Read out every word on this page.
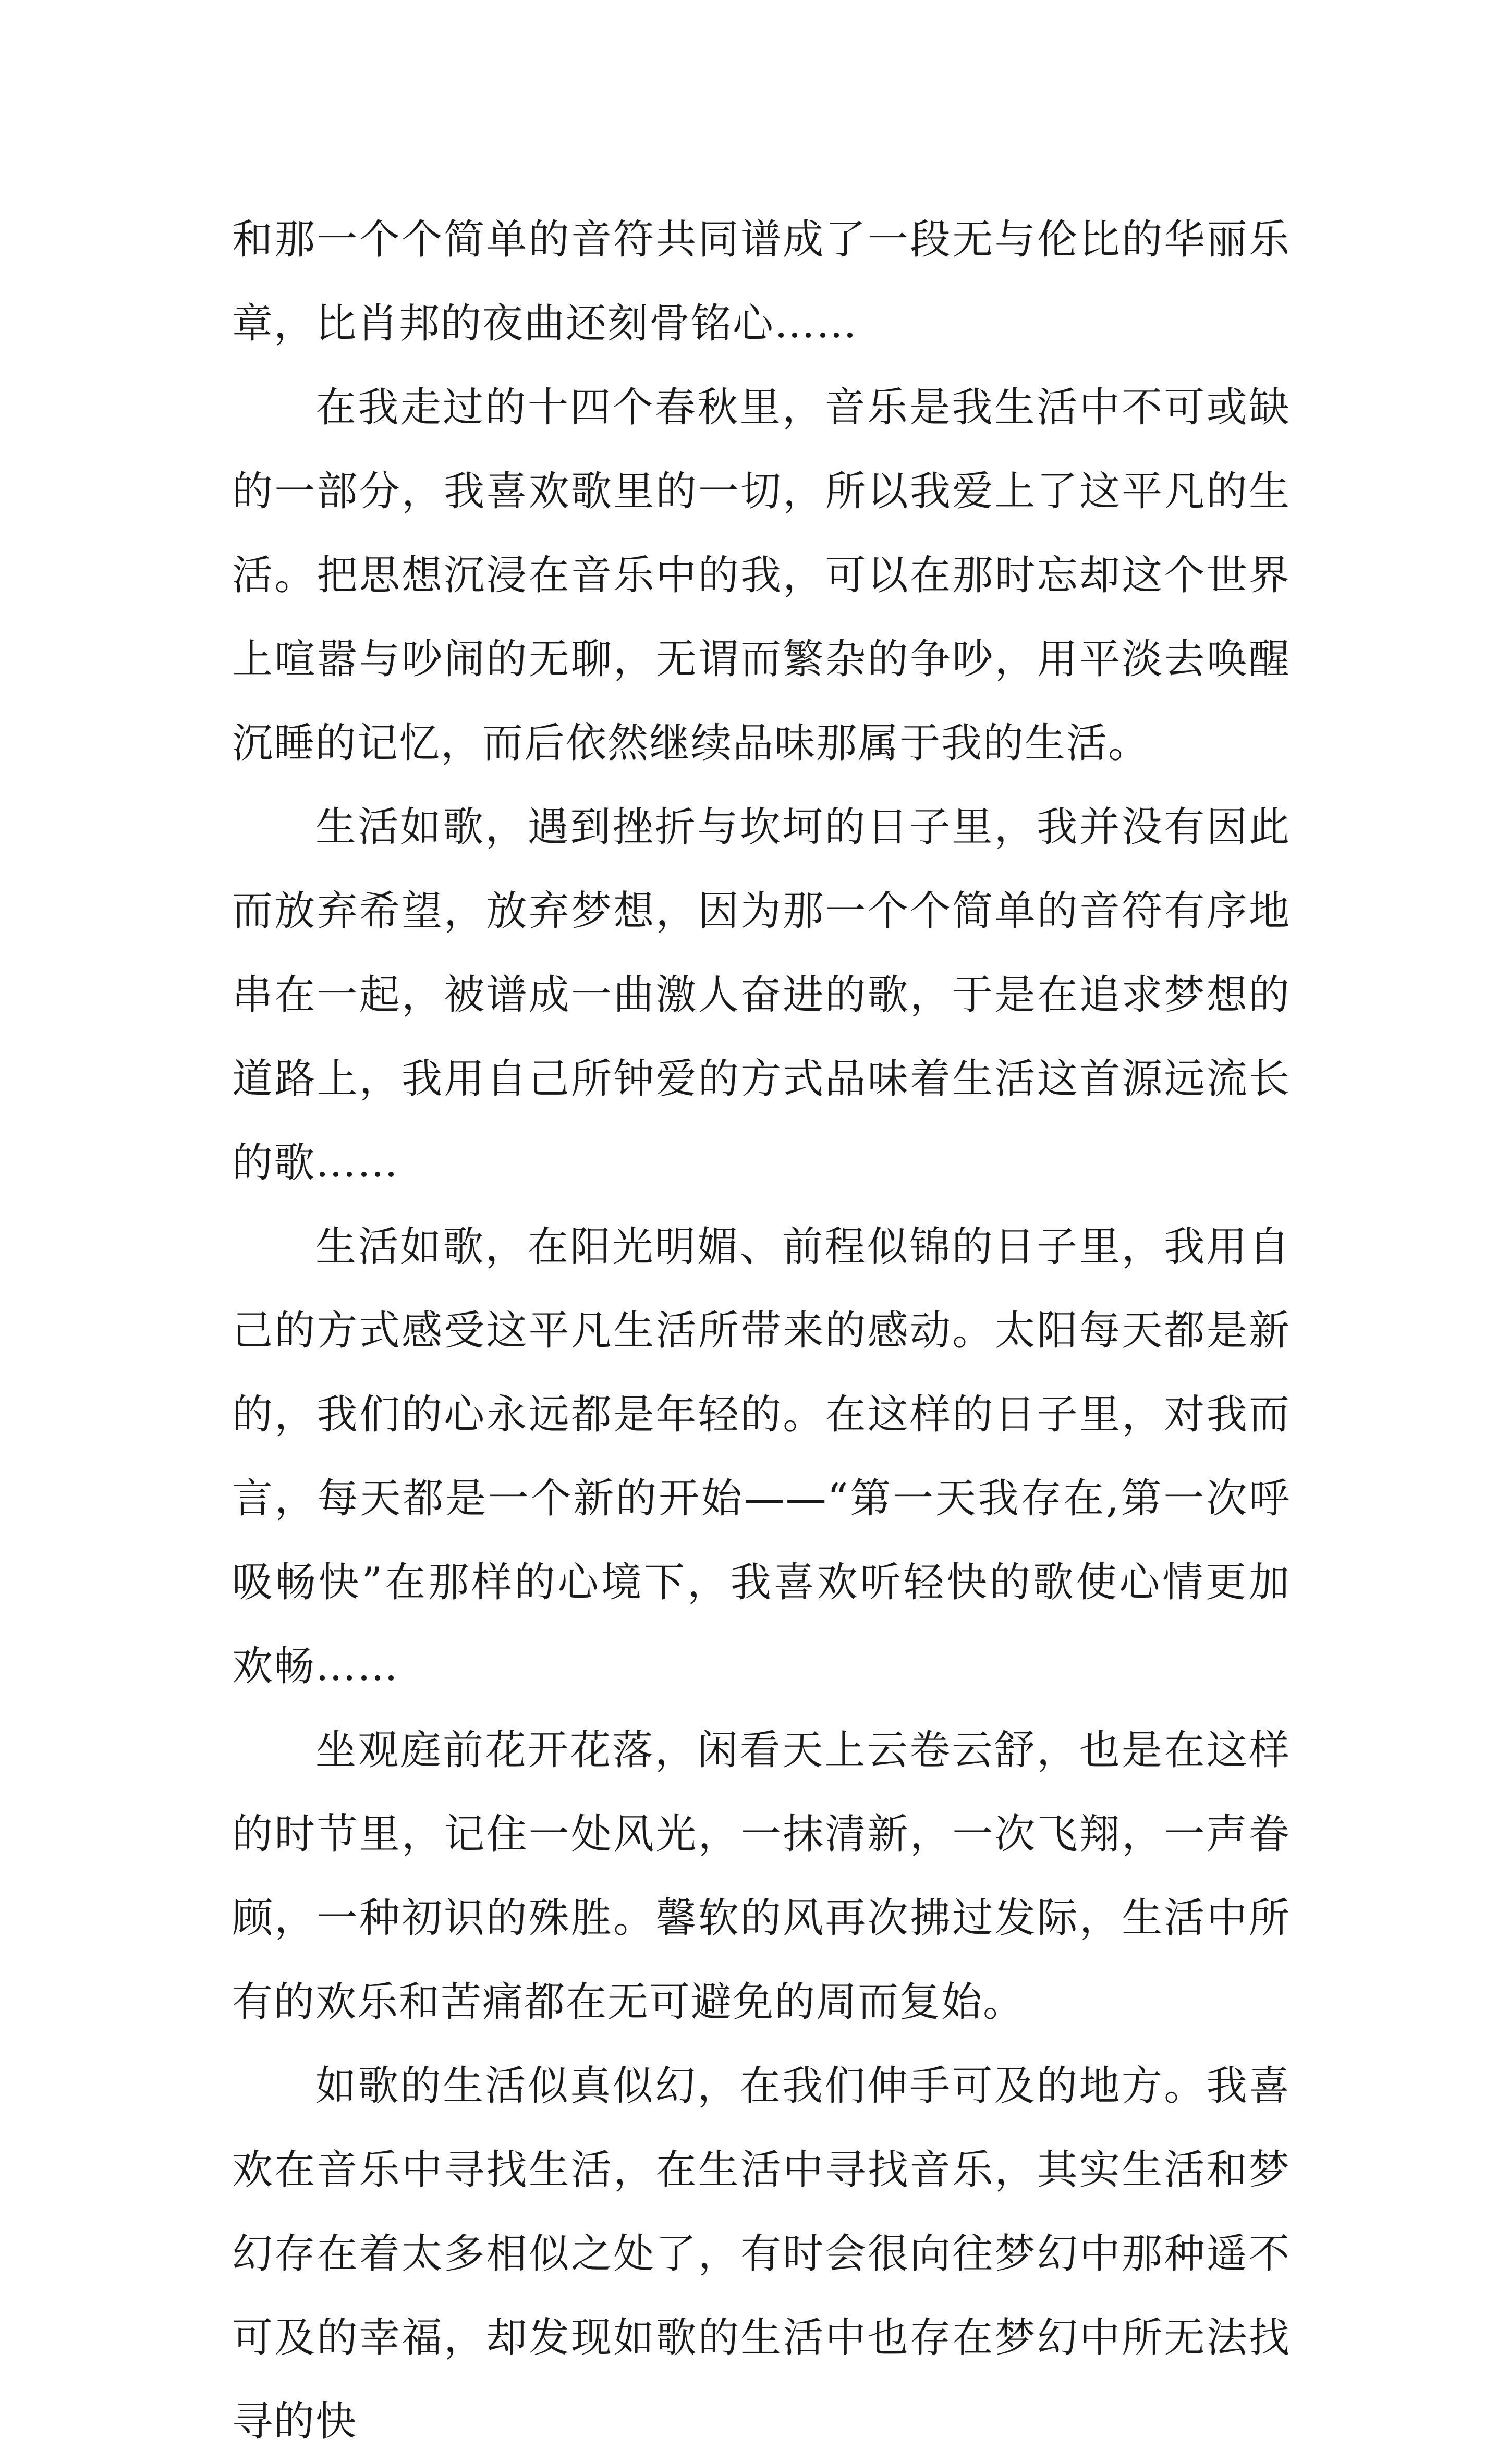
和那一个个简单的音符共同谱成了一段无与伦比的华丽乐章，比肖邦的夜曲还刻骨铭心……

在我走过的十四个春秋里，音乐是我生活中不可或缺的一部分，我喜欢歌里的一切，所以我爱上了这平凡的生活。把思想沉浸在音乐中的我，可以在那时忘却这个世界上喧嚣与吵闹的无聊，无谓而繁杂的争吵，用平淡去唤醒沉睡的记忆，而后依然继续品味那属于我的生活。

生活如歌，遇到挫折与坎坷的日子里，我并没有因此而放弃希望，放弃梦想，因为那一个个简单的音符有序地串在一起，被谱成一曲激人奋进的歌，于是在追求梦想的道路上，我用自己所钟爱的方式品味着生活这首源远流长的歌……

生活如歌，在阳光明媚、前程似锦的日子里，我用自己的方式感受这平凡生活所带来的感动。太阳每天都是新的，我们的心永远都是年轻的。在这样的日子里，对我而言，每天都是一个新的开始——“第一天我存在,第一次呼吸畅快”在那样的心境下，我喜欢听轻快的歌使心情更加欢畅……

坐观庭前花开花落，闲看天上云卷云舒，也是在这样的时节里，记住一处风光，一抹清新，一次飞翔，一声眷顾，一种初识的殊胜。馨软的风再次拂过发际，生活中所有的欢乐和苦痛都在无可避免的周而复始。

如歌的生活似真似幻，在我们伸手可及的地方。我喜欢在音乐中寻找生活，在生活中寻找音乐，其实生活和梦幻存在着太多相似之处了，有时会很向往梦幻中那种遥不可及的幸福，却发现如歌的生活中也存在梦幻中所无法找寻的快
